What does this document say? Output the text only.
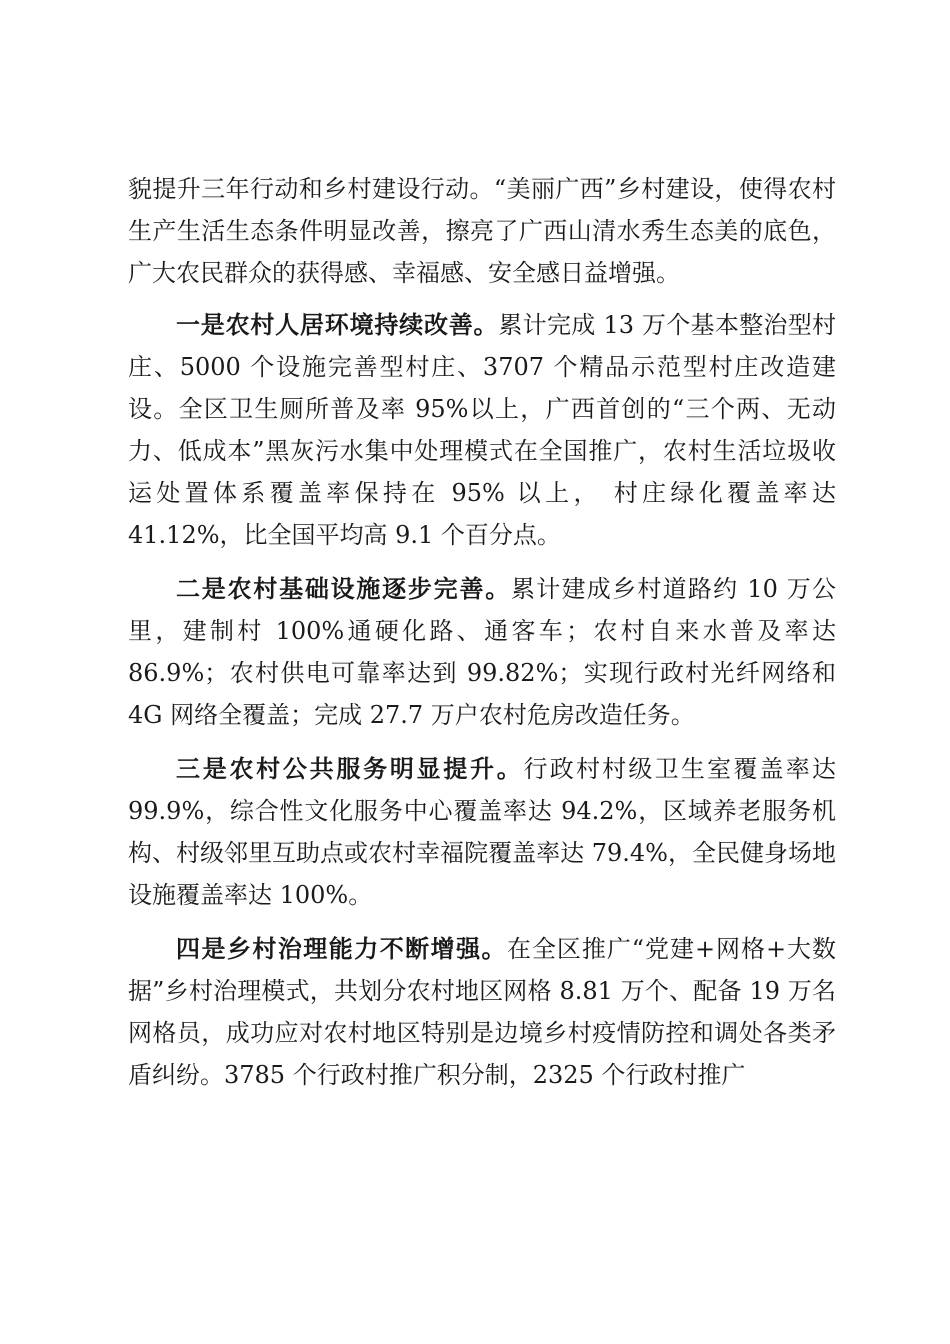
貌提升三年行动和乡村建设行动。“美丽广西”乡村建设，使得农村生产生活生态条件明显改善，擦亮了广西山清水秀生态美的底色，广大农民群众的获得感、幸福感、安全感日益增强。

一是农村人居环境持续改善。累计完成 13 万个基本整治型村庄、5000 个设施完善型村庄、3707 个精品示范型村庄改造建设。全区卫生厕所普及率 95%以上，广西首创的“三个两、无动力、低成本”黑灰污水集中处理模式在全国推广，农村生活垃圾收运处置体系覆盖率保持在 95% 以上， 村庄绿化覆盖率达 41.12%，比全国平均高 9.1 个百分点。

二是农村基础设施逐步完善。累计建成乡村道路约 10 万公里，建制村 100%通硬化路、通客车；农村自来水普及率达 86.9%；农村供电可靠率达到 99.82%；实现行政村光纤网络和 4G 网络全覆盖；完成 27.7 万户农村危房改造任务。

三是农村公共服务明显提升。行政村村级卫生室覆盖率达 99.9%，综合性文化服务中心覆盖率达 94.2%，区域养老服务机构、村级邻里互助点或农村幸福院覆盖率达 79.4%，全民健身场地设施覆盖率达 100%。

四是乡村治理能力不断增强。在全区推广“党建+网格+大数据”乡村治理模式，共划分农村地区网格 8.81 万个、配备 19 万名网格员，成功应对农村地区特别是边境乡村疫情防控和调处各类矛盾纠纷。3785 个行政村推广积分制，2325 个行政村推广
